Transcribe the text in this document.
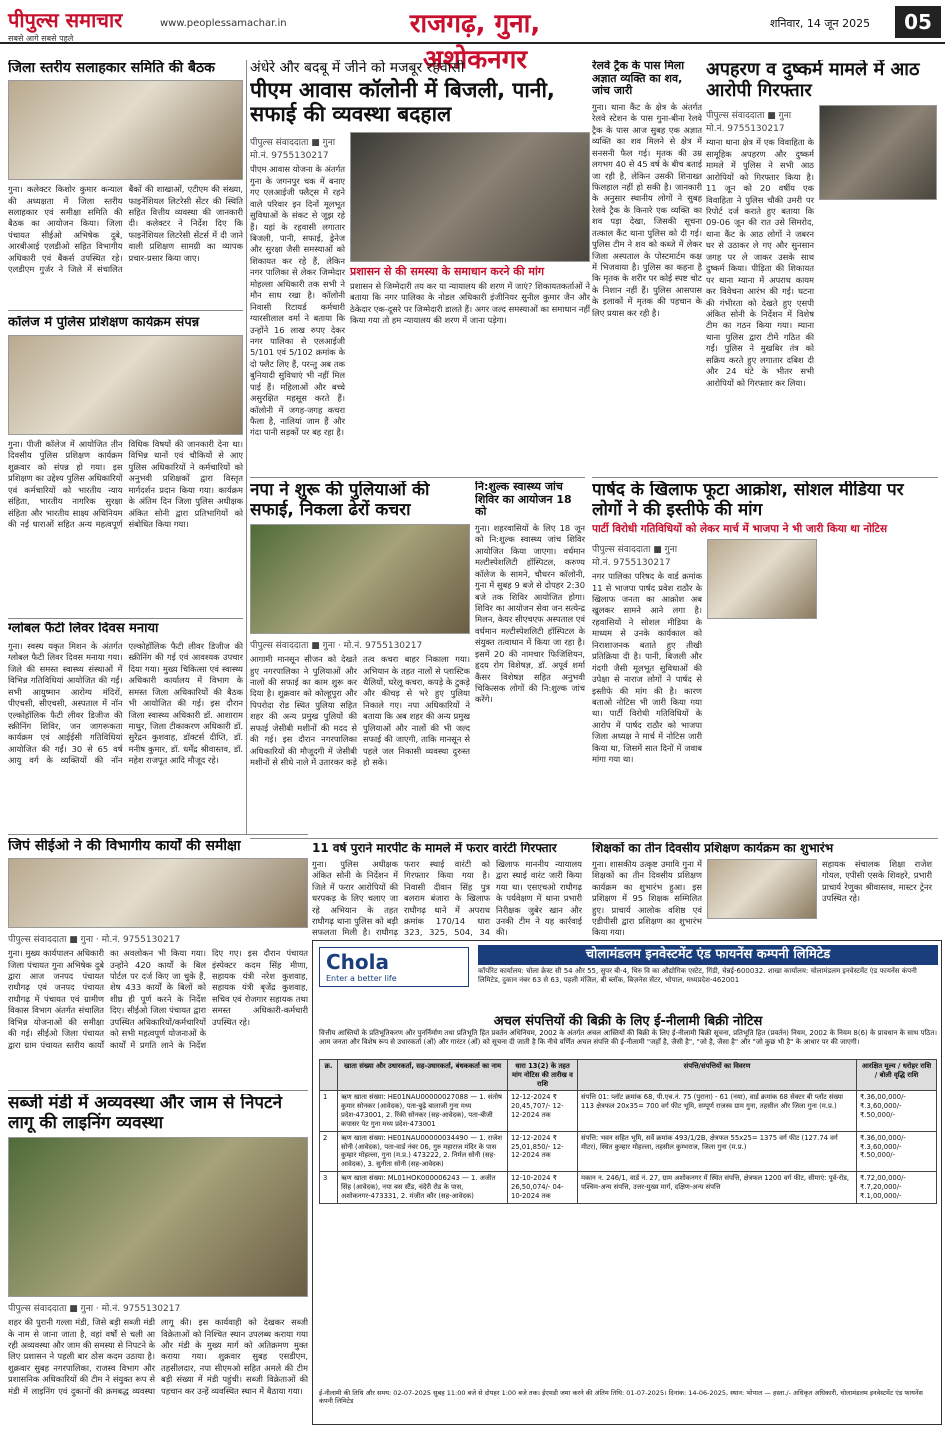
पीपुल्स समाचार
सबसे आगे सबसे पहले
www.peoplessamachar.in	राजगढ़, गुना, अशोकनगर
शनिवार, 14 जून 2025	05
जिला स्तरीय सलाहकार समिति की बैठक
गुना। कलेक्टर किशोर कुमार कन्याल की अध्यक्षता में जिला स्तरीय सलाहकार एवं समीक्षा समिति की बैठक का आयोजन किया। जिला पंचायत सीईओ अभिषेक दुबे, आरबीआई एलडीओ सहित विभागीय अधिकारी एवं बैंकर्स उपस्थित रहे। एलडीएम गुर्जर ने जिले में संचालित बैंकों की शाखाओं, एटीएम की संख्या, फाइनेंशियल लिटरेसी सेंटर की स्थिति सहित वित्तीय व्यवस्था की जानकारी दी। कलेक्टर ने निर्देश दिए कि फाइनेंशियल लिटरेसी सेंटर्स में दी जाने वाली प्रशिक्षण सामग्री का व्यापक प्रचार-प्रसार किया जाए।
कॉलेज में पुलिस प्रशिक्षण कार्यक्रम संपन्न
गुना। पीजी कॉलेज में आयोजित तीन दिवसीय पुलिस प्रशिक्षण कार्यक्रम शुक्रवार को संपन्न हो गया। इस प्रशिक्षण का उद्देश्य पुलिस अधिकारियों एवं कर्मचारियों को भारतीय न्याय संहिता, भारतीय नागरिक सुरक्षा संहिता और भारतीय साक्ष्य अधिनियम की नई धाराओं सहित अन्य महत्वपूर्ण विधिक विषयों की जानकारी देना था। विभिन्न थानों एवं चौकियों से आए पुलिस अधिकारियों ने कर्मचारियों को अनुभवी प्रशिक्षकों द्वारा विस्तृत मार्गदर्शन प्रदान किया गया। कार्यक्रम के अंतिम दिन जिला पुलिस अधीक्षक अंकित सोनी द्वारा प्रतिभागियों को संबोधित किया गया।
ग्लोबल फैटी लिवर दिवस मनाया
गुना। स्वस्थ यकृत मिशन के अंतर्गत ग्लोबल फैटी लिवर दिवस मनाया गया। जिले की समस्त स्वास्थ्य संस्थाओं में विभिन्न गतिविधियां आयोजित की गईं। सभी आयुष्मान आरोग्य मंदिरों, पीएचसी, सीएचसी, अस्पताल में नॉन एल्कोहॉलिक फैटी लीवर डिजीज की स्क्रीनिंग शिविर, जन जागरूकता कार्यक्रम एवं आईईसी गतिविधियां आयोजित की गईं। 30 से 65 वर्ष आयु वर्ग के व्यक्तियों की नॉन एल्कोहॉलिक फैटी लीवर डिजीज की स्क्रीनिंग की गई एवं आवश्यक उपचार दिया गया। मुख्य चिकित्सा एवं स्वास्थ्य अधिकारी कार्यालय में विभाग के समस्त जिला अधिकारियों की बैठक भी आयोजित की गई। इस दौरान जिला स्वास्थ्य अधिकारी डॉ. आशाराम माथुर, जिला टीकाकरण अधिकारी डॉ. सुरेंद्रन कुशवाह, डॉक्टर्स दीप्ति, डॉ. मनीष कुमार, डॉ. धर्मेंद्र श्रीवास्तव, डॉ. महेश राजपूत आदि मौजूद रहे।
जिपं सीईओ ने की विभागीय कार्यों की समीक्षा
पीपुल्स संवाददाता ■ गुना · मो.नं. 9755130217
गुना। मुख्य कार्यपालन अधिकारी जिला पंचायत गुना अभिषेक दुबे द्वारा आज जनपद पंचायत राघौगढ़ एवं जनपद पंचायत राघौगढ़ में पंचायत एवं ग्रामीण विकास विभाग अंतर्गत संचालित विभिन्न योजनाओं की समीक्षा की गई। सीईओ जिला पंचायत द्वारा ग्राम पंचायत स्तरीय कार्यों का अवलोकन भी किया गया। उन्होंने 420 कार्यों के बिल पोर्टल पर दर्ज किए जा चुके हैं, शेष 433 कार्यों के बिलों को शीघ्र ही पूर्ण करने के निर्देश दिए। सीईओ जिला पंचायत द्वारा उपस्थित अधिकारियों/कर्मचारियों को सभी महत्वपूर्ण योजनाओं के कार्यों में प्रगति लाने के निर्देश दिए गए। इस दौरान पंचायत इंस्पेक्टर कदम सिंह मीणा, सहायक यंत्री नरेश कुशवाह, सहायक यंत्री बृजेंद्र कुशवाह, सचिव एवं रोजगार सहायक तथा समस्त अधिकारी-कर्मचारी उपस्थित रहे।
सब्जी मंडी में अव्यवस्था और जाम से निपटने लागू की लाइनिंग व्यवस्था
पीपुल्स संवाददाता ■ गुना · मो.नं. 9755130217
शहर की पुरानी गल्ला मंडी, जिसे बड़ी सब्जी मंडी के नाम से जाना जाता है, वहां वर्षों से चली आ रही अव्यवस्था और जाम की समस्या से निपटने के लिए प्रशासन ने पहली बार ठोस कदम उठाया है। शुक्रवार सुबह नगरपालिका, राजस्व विभाग और प्रशासनिक अधिकारियों की टीम ने संयुक्त रूप से मंडी में लाइनिंग एवं दुकानों की क्रमबद्ध व्यवस्था लागू की। इस कार्यवाही को देखकर सब्जी विक्रेताओं को निश्चित स्थान उपलब्ध कराया गया और मंडी के मुख्य मार्ग को अतिक्रमण मुक्त कराया गया। शुक्रवार सुबह एसडीएम, तहसीलदार, नपा सीएमओ सहित अमले की टीम बड़ी संख्या में मंडी पहुंची। सब्जी विक्रेताओं की पहचान कर उन्हें व्यवस्थित स्थान में बैठाया गया।
अंधेरे और बदबू में जीने को मजबूर रहवासी
पीएम आवास कॉलोनी में बिजली, पानी, सफाई की व्यवस्था बदहाल
पीपुल्स संवाददाता ■ गुना
मो.नं. 9755130217
पीएम आवास योजना के अंतर्गत गुना के जगनपुर चक में बनाए गए एलआईजी फ्लैट्स में रहने वाले परिवार इन दिनों मूलभूत सुविधाओं के संकट से जूझ रहे हैं। यहां के रहवासी लगातार बिजली, पानी, सफाई, ड्रेनेज और सुरक्षा जैसी समस्याओं को शिकायत कर रहे हैं, लेकिन नगर पालिका से लेकर जिम्मेदार मोहल्ला अधिकारी तक सभी ने मौन साध रखा है। कॉलोनी निवासी रिटायर्ड कर्मचारी ग्यारसीलाल वर्मा ने बताया कि उन्होंने 16 लाख रुपए देकर नगर पालिका से एलआईजी 5/101 एवं 5/102 क्रमांक के दो फ्लैट लिए हैं, परन्तु अब तक बुनियादी सुविधाएं भी नहीं मिल पाई हैं। महिलाओं और बच्चे असुरक्षित महसूस करते हैं। कॉलोनी में जगह-जगह कचरा फैला है, नालियां जाम हैं और गंदा पानी सड़कों पर बह रहा है।
प्रशासन से की समस्या के समाधान करने की मांग
प्रशासन से जिम्मेदारी तय कर या न्यायालय की शरण में जाएं? शिकायतकर्ताओं ने बताया कि नगर पालिका के नोडल अधिकारी इंजीनियर सुनील कुमार जैन और ठेकेदार एक-दूसरे पर जिम्मेदारी डालते हैं। अगर जल्द समस्याओं का समाधान नहीं किया गया तो हम न्यायालय की शरण में जाना पड़ेगा।
नपा ने शुरू की पुलियाओं की सफाई, निकला ढेरों कचरा
पीपुल्स संवाददाता ■ गुना · मो.नं. 9755130217
आगामी मानसून सीजन को देखते हुए नगरपालिका ने पुलियाओं और नालों की सफाई का काम शुरू कर दिया है। शुक्रवार को कोल्हूपुरा और पिपरोदा रोड स्थित पुलिया सहित शहर की अन्य प्रमुख पुलियों की सफाई जेसीबी मशीनों की मदद से की गई। इस दौरान नगरपालिका अधिकारियों की मौजूदगी में जेसीबी मशीनों से सीधे नाले में उतारकर कड़े तत्व कचरा बाहर निकाला गया। अभियान के तहत नालों से प्लास्टिक थैलियों, घरेलू कचरा, कपड़े के टुकड़े और कीचड़ से भरे हुए पुलिया निकाले गए। नपा अधिकारियों ने बताया कि अब शहर की अन्य प्रमुख पुलियाओं और नालों की भी जल्द सफाई की जाएगी, ताकि मानसून से पहले जल निकासी व्यवस्था दुरुस्त हो सके।
नि:शुल्क स्वास्थ्य जांच शिविर का आयोजन 18 को
गुना। शहरवासियों के लिए 18 जून को नि:शुल्क स्वास्थ्य जांच शिविर आयोजित किया जाएगा। वर्धमान मल्टीस्पेशलिटी हॉस्पिटल, करुण्य कॉलेज के सामने, चौधरन कॉलोनी, गुना में सुबह 9 बजे से दोपहर 2:30 बजे तक शिविर आयोजित होगा। शिविर का आयोजन सेवा जन सत्येन्द्र मिलन, केयर सीएचएफ अस्पताल एवं वर्धमान मल्टीस्पेशलिटी हॉस्पिटल के संयुक्त तत्वाधान में किया जा रहा है। इसमें 20 की नामचार फिजिशियन, हृदय रोग विशेषज्ञ, डॉ. अपूर्व शर्मा कैंसर विशेषज्ञ सहित अनुभवी चिकित्सक लोगों की नि:शुल्क जांच करेंगे।
रेलवे ट्रैक के पास मिला अज्ञात व्यक्ति का शव, जांच जारी
गुना। थाना कैंट के क्षेत्र के अंतर्गत रेलवे स्टेशन के पास गुना-बीना रेलवे ट्रैक के पास आज सुबह एक अज्ञात व्यक्ति का शव मिलने से क्षेत्र में सनसनी फैल गई। मृतक की उम्र लगभग 40 से 45 वर्ष के बीच बताई जा रही है, लेकिन उसकी शिनाख्त फिलहाल नहीं हो सकी है। जानकारी के अनुसार स्थानीय लोगों ने सुबह रेलवे ट्रैक के किनारे एक व्यक्ति का शव पड़ा देखा, जिसकी सूचना तत्काल कैंट थाना पुलिस को दी गई। पुलिस टीम ने शव को कब्जे में लेकर जिला अस्पताल के पोस्टमार्टम कक्ष में भिजवाया है। पुलिस का कहना है कि मृतक के शरीर पर कोई स्पष्ट चोट के निशान नहीं हैं। पुलिस आसपास के इलाकों में मृतक की पहचान के लिए प्रयास कर रही है।
अपहरण व दुष्कर्म मामले में आठ आरोपी गिरफ्तार
पीपुल्स संवाददाता ■ गुना
मो.नं. 9755130217
म्याना थाना क्षेत्र में एक विवाहिता के सामूहिक अपहरण और दुष्कर्म मामले में पुलिस ने सभी आठ आरोपियों को गिरफ्तार किया है। 11 जून को 20 वर्षीय एक विवाहिता ने पुलिस चौकी उमरी पर रिपोर्ट दर्ज कराते हुए बताया कि 09-06 जून की रात उसे सिमरोद, थाना कैंट के आठ लोगों ने जबरन घर से उठाकर ले गए और सुनसान जगह पर ले जाकर उसके साथ दुष्कर्म किया। पीड़िता की शिकायत पर थाना म्याना में अपराध कायम कर विवेचना आरंभ की गई। घटना की गंभीरता को देखते हुए एसपी अंकित सोनी के निर्देशन में विशेष टीम का गठन किया गया। म्याना थाना पुलिस द्वारा टीमें गठित की गईं। पुलिस ने मुखबिर तंत्र को सक्रिय करते हुए लगातार दबिश दी और 24 घंटे के भीतर सभी आरोपियों को गिरफ्तार कर लिया।
पार्षद के खिलाफ फूटा आक्रोश, सोशल मीडिया पर लोगों ने की इस्तीफे की मांग
पार्टी विरोधी गतिविधियों को लेकर मार्च में भाजपा ने भी जारी किया था नोटिस
पीपुल्स संवाददाता ■ गुना
मो.नं. 9755130217
नगर पालिका परिषद के वार्ड क्रमांक 11 से भाजपा पार्षद प्रवेश राठौर के खिलाफ जनता का आक्रोश अब खुलकर सामने आने लगा है। रहवासियों ने सोशल मीडिया के माध्यम से उनके कार्यकाल को निराशाजनक बताते हुए तीखी प्रतिक्रिया दी है। पानी, बिजली और गंदगी जैसी मूलभूत सुविधाओं की उपेक्षा से नाराज लोगों ने पार्षद से इस्तीफे की मांग की है। कारण बताओ नोटिस भी जारी किया गया था। पार्टी विरोधी गतिविधियों के आरोप में पार्षद राठौर को भाजपा जिला अध्यक्ष ने मार्च में नोटिस जारी किया था, जिसमें सात दिनों में जवाब मांगा गया था।
11 वर्ष पुराने मारपीट के मामले में फरार वारंटी गिरफ्तार
गुना। पुलिस अधीक्षक अंकित सोनी के निर्देशन में जिले में फरार आरोपियों की धरपकड़ के लिए चलाए जा रहे अभियान के तहत राघौगढ़ थाना पुलिस को बड़ी सफलता मिली है। राघौगढ़ फरार स्थाई वारंटी को गिरफ्तार किया गया है। निवासी दीवान सिंह पुत्र बलराम बंजारा के खिलाफ राघौगढ़ थाने में अपराध क्रमांक 170/14 धारा 323, 325, 504, 34 खिलाफ माननीय न्यायालय द्वारा स्थाई वारंट जारी किया गया था। एसएचओ राघौगढ़ के पर्यवेक्षण में थाना प्रभारी निरीक्षक जुबेर खान और उनकी टीम ने यह कार्रवाई की।
शिक्षकों का तीन दिवसीय प्रशिक्षण कार्यक्रम का शुभारंभ
गुना। शासकीय उत्कृष्ट उमावि गुना में शिक्षकों का तीन दिवसीय प्रशिक्षण कार्यक्रम का शुभारंभ हुआ। इस प्रशिक्षण में 95 शिक्षक सम्मिलित हुए। प्राचार्य आलोक वशिष्ठ एवं एडीपीसी द्वारा प्रशिक्षण का शुभारंभ किया गया।
सहायक संचालक शिक्षा राजेश गोयल, एपीसी एसके शिवहरे, प्रभारी प्राचार्य रेणुका श्रीवास्तव, मास्टर ट्रेनर उपस्थित रहे।
Chola
Enter a better life
चोलामंडलम इनवेस्टमेंट एंड फायनेंस कम्पनी लिमिटेड
कॉर्पोरेट कार्यालय: चोला क्रेस्ट सी 54 और 55, सुपर बी-4, थिरु वि का औद्योगिक एस्टेट, गिंडी, चेन्नई-600032. शाखा कार्यालय: चोलामंडलम इनवेस्टमेंट एंड फायनेंस कंपनी लिमिटेड, दुकान नंबर 63 से 63, पहली मंजिल, बी ब्लॉक, बिज़नेस सेंटर, भोपाल, मध्यप्रदेश-462001
अचल संपत्तियों की बिक्री के लिए ई-नीलामी बिक्री नोटिस
वित्तीय आस्तियों के प्रतिभूतिकरण और पुनर्निर्माण तथा प्रतिभूति हित प्रवर्तन अधिनियम, 2002 के अंतर्गत अचल आस्तियों की बिक्री के लिए ई-नीलामी बिक्री सूचना, प्रतिभूति हित (प्रवर्तन) नियम, 2002 के नियम 8(6) के प्रावधान के साथ पठित। आम जनता और विशेष रूप से उधारकर्ता (ओं) और गारंटर (ओं) को सूचना दी जाती है कि नीचे वर्णित अचल संपत्ति की ई-नीलामी "जहाँ है, जैसी है", "जो है, जैसा है" और "जो कुछ भी है" के आधार पर की जाएगी।
क्र.	खाता संख्या और उधारकर्ता, सह-उधारकर्ता, बंधककर्ता का नाम	धारा 13(2) के तहत मांग नोटिस की तारीख व राशि	संपत्ति/संपत्तियों का विवरण	आरक्षित मूल्य / धरोहर राशि / बोली वृद्धि राशि
1	ऋण खाता संख्या: HE01NAU00000027088 — 1. संतोष कुमार सोनकर (आवेदक), पता-बुढ़े बालाजी गुना मध्य प्रदेश-473001, 2. रिंकी सोनकर (सह-आवेदक), पता-बीजी कपासर पेट गुना मध्य प्रदेश-473001	12-12-2024 ₹ 20,45,707/- 12-12-2024 तक	संपत्ति 01: प्लॉट क्रमांक 68, पी.एच.नं. 75 (पुराना) - 61 (नया), वार्ड क्रमांक 68 सेक्टर बी प्लॉट संख्या 113 क्षेत्रफल 20x35= 700 वर्ग फीट भूमि, सम्पूर्ण राजस्व ग्राम गुना, तहसील और जिला गुना (म.प्र.)	₹.36,00,000/-
₹.3,60,000/-
₹.50,000/-

2	ऋण खाता संख्या: HE01NAU00000034490 — 1. राजेश सोनी (आवेदक), पता-वार्ड नंबर 06, गुरु महाराज मंदिर के पास कुम्हार मोहल्ला, गुना (म.प्र.) 473222, 2. निर्मल सोनी (सह-आवेदक), 3. सुनीता सोनी (सह-आवेदक)	12-12-2024 ₹ 25,01,850/- 12-12-2024 तक	संपत्ति: भवन सहित भूमि, सर्वे क्रमांक 493/1/2B, क्षेत्रफल 55x25= 1375 वर्ग फीट (127.74 वर्ग मीटर), स्थित कुम्हार मोहल्ला, तहसील कुम्भराज, जिला गुना (म.प्र.)	₹.36,00,000/-
₹.3,60,000/-
₹.50,000/-

3	ऋण खाता संख्या: ML01HOK000006243 — 1. अजीत सिंह (आवेदक), नया बस स्टैंड, चंदेरी रोड के पास, अशोकनगर-473331, 2. मंजीत कौर (सह-आवेदक)	12-10-2024 ₹ 26,50,074/- 04-10-2024 तक	मकान न. 246/1, वार्ड नं. 27, ग्राम अशोकनगर में स्थित संपत्ति, क्षेत्रफल 1200 वर्ग फीट, सीमाएं: पूर्व-रोड, पश्चिम-अन्य संपत्ति, उत्तर-मुख्य मार्ग, दक्षिण-अन्य संपत्ति	₹.72,00,000/-
₹.7,20,000/-
₹.1,00,000/-
ई-नीलामी की तिथि और समय: 02-07-2025 सुबह 11:00 बजे से दोपहर 1:00 बजे तक। ईएमडी जमा करने की अंतिम तिथि: 01-07-2025। दिनांक: 14-06-2025, स्थान: भोपाल — हस्ता./- अधिकृत अधिकारी, चोलामंडलम इनवेस्टमेंट एंड फायनेंस कंपनी लिमिटेड
